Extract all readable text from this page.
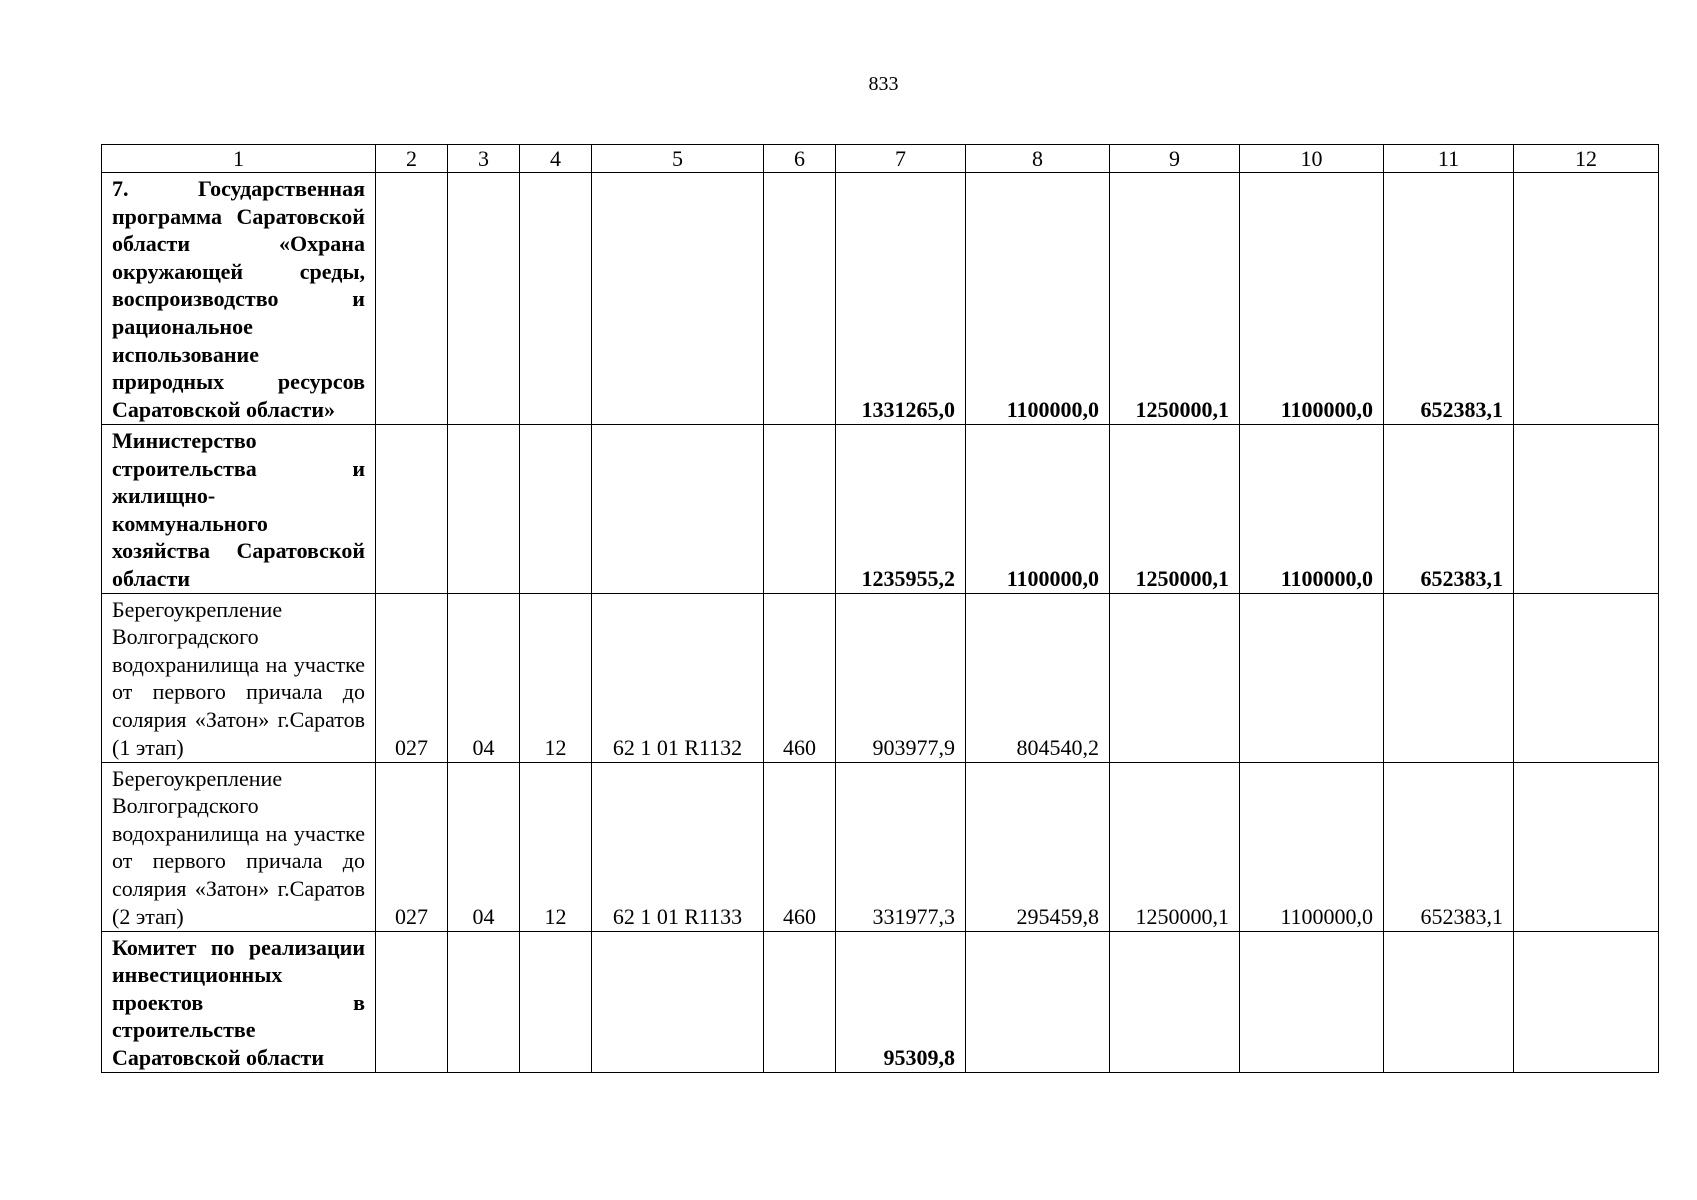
833
1	2	3	4	5	6	7	8	9	10	11	12
7. Государственная программа Саратовской области «Охрана окружающей среды, воспроизводство и рациональное использование природных ресурсов Саратовской области»						1331265,0	1100000,0	1250000,1	1100000,0	652383,1	
Министерство строительства и жилищно-коммунального хозяйства Саратовской области						1235955,2	1100000,0	1250000,1	1100000,0	652383,1	
Берегоукрепление Волгоградского водохранилища на участке от первого причала до солярия «Затон» г.Саратов (1 этап)	027	04	12	62 1 01 R1132	460	903977,9	804540,2				
Берегоукрепление Волгоградского водохранилища на участке от первого причала до солярия «Затон» г.Саратов (2 этап)	027	04	12	62 1 01 R1133	460	331977,3	295459,8	1250000,1	1100000,0	652383,1	
Комитет по реализации инвестиционных проектов в строительстве Саратовской области						95309,8					
